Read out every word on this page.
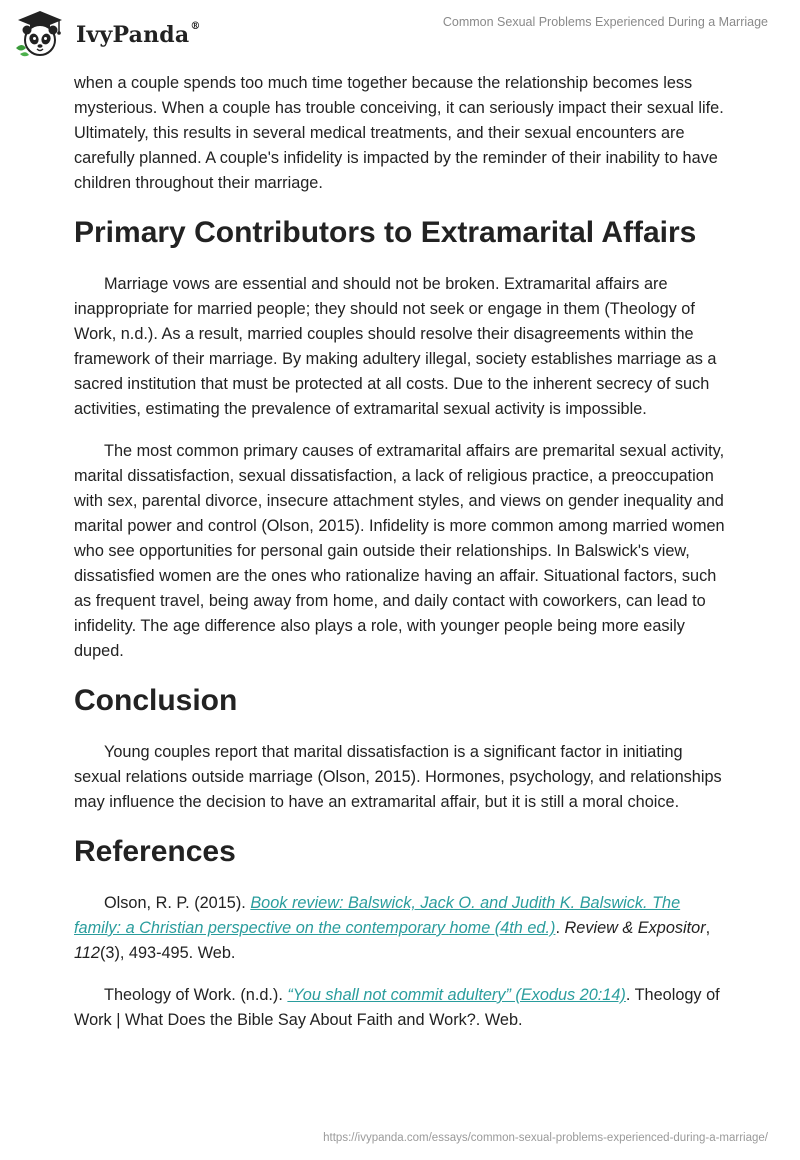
IvyPanda®	Common Sexual Problems Experienced During a Marriage

when a couple spends too much time together because the relationship becomes less mysterious. When a couple has trouble conceiving, it can seriously impact their sexual life. Ultimately, this results in several medical treatments, and their sexual encounters are carefully planned. A couple's infidelity is impacted by the reminder of their inability to have children throughout their marriage.

Primary Contributors to Extramarital Affairs

Marriage vows are essential and should not be broken. Extramarital affairs are inappropriate for married people; they should not seek or engage in them (Theology of Work, n.d.). As a result, married couples should resolve their disagreements within the framework of their marriage. By making adultery illegal, society establishes marriage as a sacred institution that must be protected at all costs. Due to the inherent secrecy of such activities, estimating the prevalence of extramarital sexual activity is impossible.

The most common primary causes of extramarital affairs are premarital sexual activity, marital dissatisfaction, sexual dissatisfaction, a lack of religious practice, a preoccupation with sex, parental divorce, insecure attachment styles, and views on gender inequality and marital power and control (Olson, 2015). Infidelity is more common among married women who see opportunities for personal gain outside their relationships. In Balswick's view, dissatisfied women are the ones who rationalize having an affair. Situational factors, such as frequent travel, being away from home, and daily contact with coworkers, can lead to infidelity. The age difference also plays a role, with younger people being more easily duped.

Conclusion

Young couples report that marital dissatisfaction is a significant factor in initiating sexual relations outside marriage (Olson, 2015). Hormones, psychology, and relationships may influence the decision to have an extramarital affair, but it is still a moral choice.

References

Olson, R. P. (2015). Book review: Balswick, Jack O. and Judith K. Balswick. The family: a Christian perspective on the contemporary home (4th ed.). Review & Expositor, 112(3), 493-495. Web.

Theology of Work. (n.d.). “You shall not commit adultery” (Exodus 20:14). Theology of Work | What Does the Bible Say About Faith and Work?. Web.

https://ivypanda.com/essays/common-sexual-problems-experienced-during-a-marriage/
